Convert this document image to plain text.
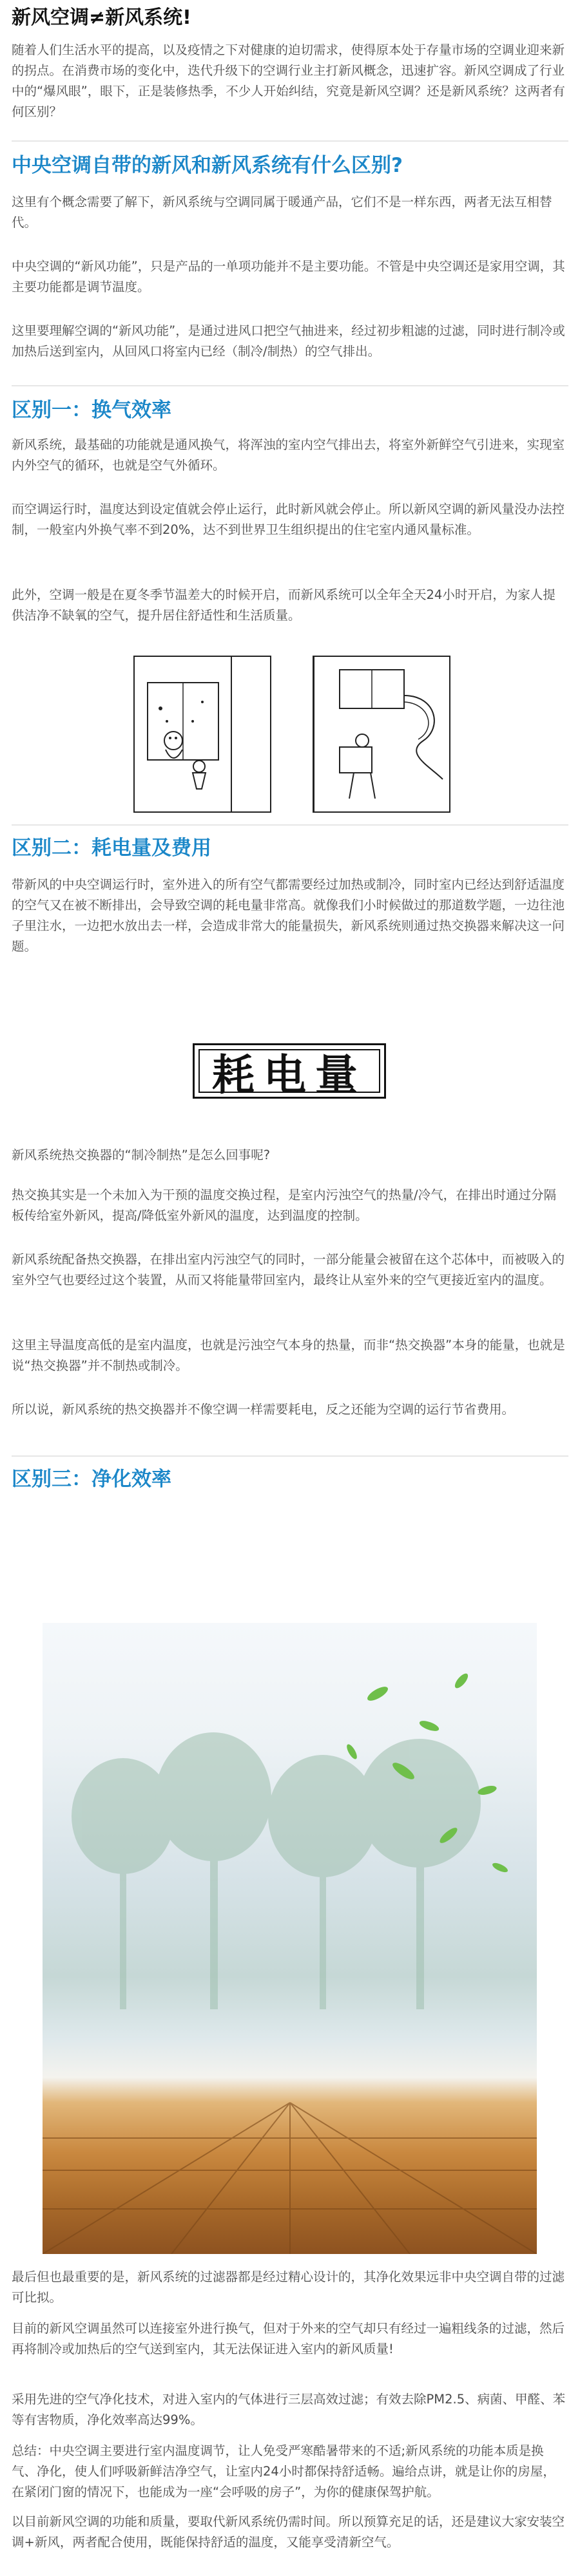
新风空调≠新风系统!

随着人们生活水平的提高，以及疫情之下对健康的迫切需求，使得原本处于存量市场的空调业迎来新的拐点。在消费市场的变化中，迭代升级下的空调行业主打新风概念，迅速扩容。新风空调成了行业中的“爆风眼”，眼下，正是装修热季，不少人开始纠结，究竟是新风空调？还是新风系统？这两者有何区别？

中央空调自带的新风和新风系统有什么区别?

这里有个概念需要了解下，新风系统与空调同属于暖通产品，它们不是一样东西，两者无法互相替代。

中央空调的“新风功能”，只是产品的一单项功能并不是主要功能。不管是中央空调还是家用空调，其主要功能都是调节温度。

这里要理解空调的“新风功能”，是通过进风口把空气抽进来，经过初步粗滤的过滤，同时进行制冷或加热后送到室内，从回风口将室内已经（制冷/制热）的空气排出。

区别一：换气效率

新风系统，最基础的功能就是通风换气，将浑浊的室内空气排出去，将室外新鲜空气引进来，实现室内外空气的循环，也就是空气外循环。

而空调运行时，温度达到设定值就会停止运行，此时新风就会停止。所以新风空调的新风量没办法控制，一般室内外换气率不到20%，达不到世界卫生组织提出的住宅室内通风量标准。

此外，空调一般是在夏冬季节温差大的时候开启，而新风系统可以全年全天24小时开启，为家人提供洁净不缺氧的空气，提升居住舒适性和生活质量。

区别二：耗电量及费用

带新风的中央空调运行时，室外进入的所有空气都需要经过加热或制冷，同时室内已经达到舒适温度的空气又在被不断排出，会导致空调的耗电量非常高。就像我们小时候做过的那道数学题，一边往池子里注水，一边把水放出去一样，会造成非常大的能量损失，新风系统则通过热交换器来解决这一问题。

耗电量

新风系统热交换器的“制冷制热”是怎么回事呢?

热交换其实是一个未加入为干预的温度交换过程，是室内污浊空气的热量/冷气，在排出时通过分隔板传给室外新风，提高/降低室外新风的温度，达到温度的控制。

新风系统配备热交换器，在排出室内污浊空气的同时，一部分能量会被留在这个芯体中，而被吸入的室外空气也要经过这个装置，从而又将能量带回室内，最终让从室外来的空气更接近室内的温度。

这里主导温度高低的是室内温度，也就是污浊空气本身的热量，而非“热交换器”本身的能量，也就是说“热交换器”并不制热或制冷。

所以说，新风系统的热交换器并不像空调一样需要耗电，反之还能为空调的运行节省费用。

区别三：净化效率

最后但也最重要的是，新风系统的过滤器都是经过精心设计的，其净化效果远非中央空调自带的过滤可比拟。

目前的新风空调虽然可以连接室外进行换气，但对于外来的空气却只有经过一遍粗线条的过滤，然后再将制冷或加热后的空气送到室内，其无法保证进入室内的新风质量!

采用先进的空气净化技术，对进入室内的气体进行三层高效过滤；有效去除PM2.5、病菌、甲醛、苯等有害物质，净化效率高达99%。

总结：中央空调主要进行室内温度调节，让人免受严寒酷暑带来的不适;新风系统的功能本质是换气、净化，使人们呼吸新鲜洁净空气，让室内24小时都保持舒适畅。遍给点讲，就是让你的房屋，在紧闭门窗的情况下，也能成为一座“会呼吸的房子”，为你的健康保驾护航。

以目前新风空调的功能和质量，要取代新风系统仍需时间。所以预算充足的话，还是建议大家安装空调+新风，两者配合使用，既能保持舒适的温度，又能享受清新空气。
